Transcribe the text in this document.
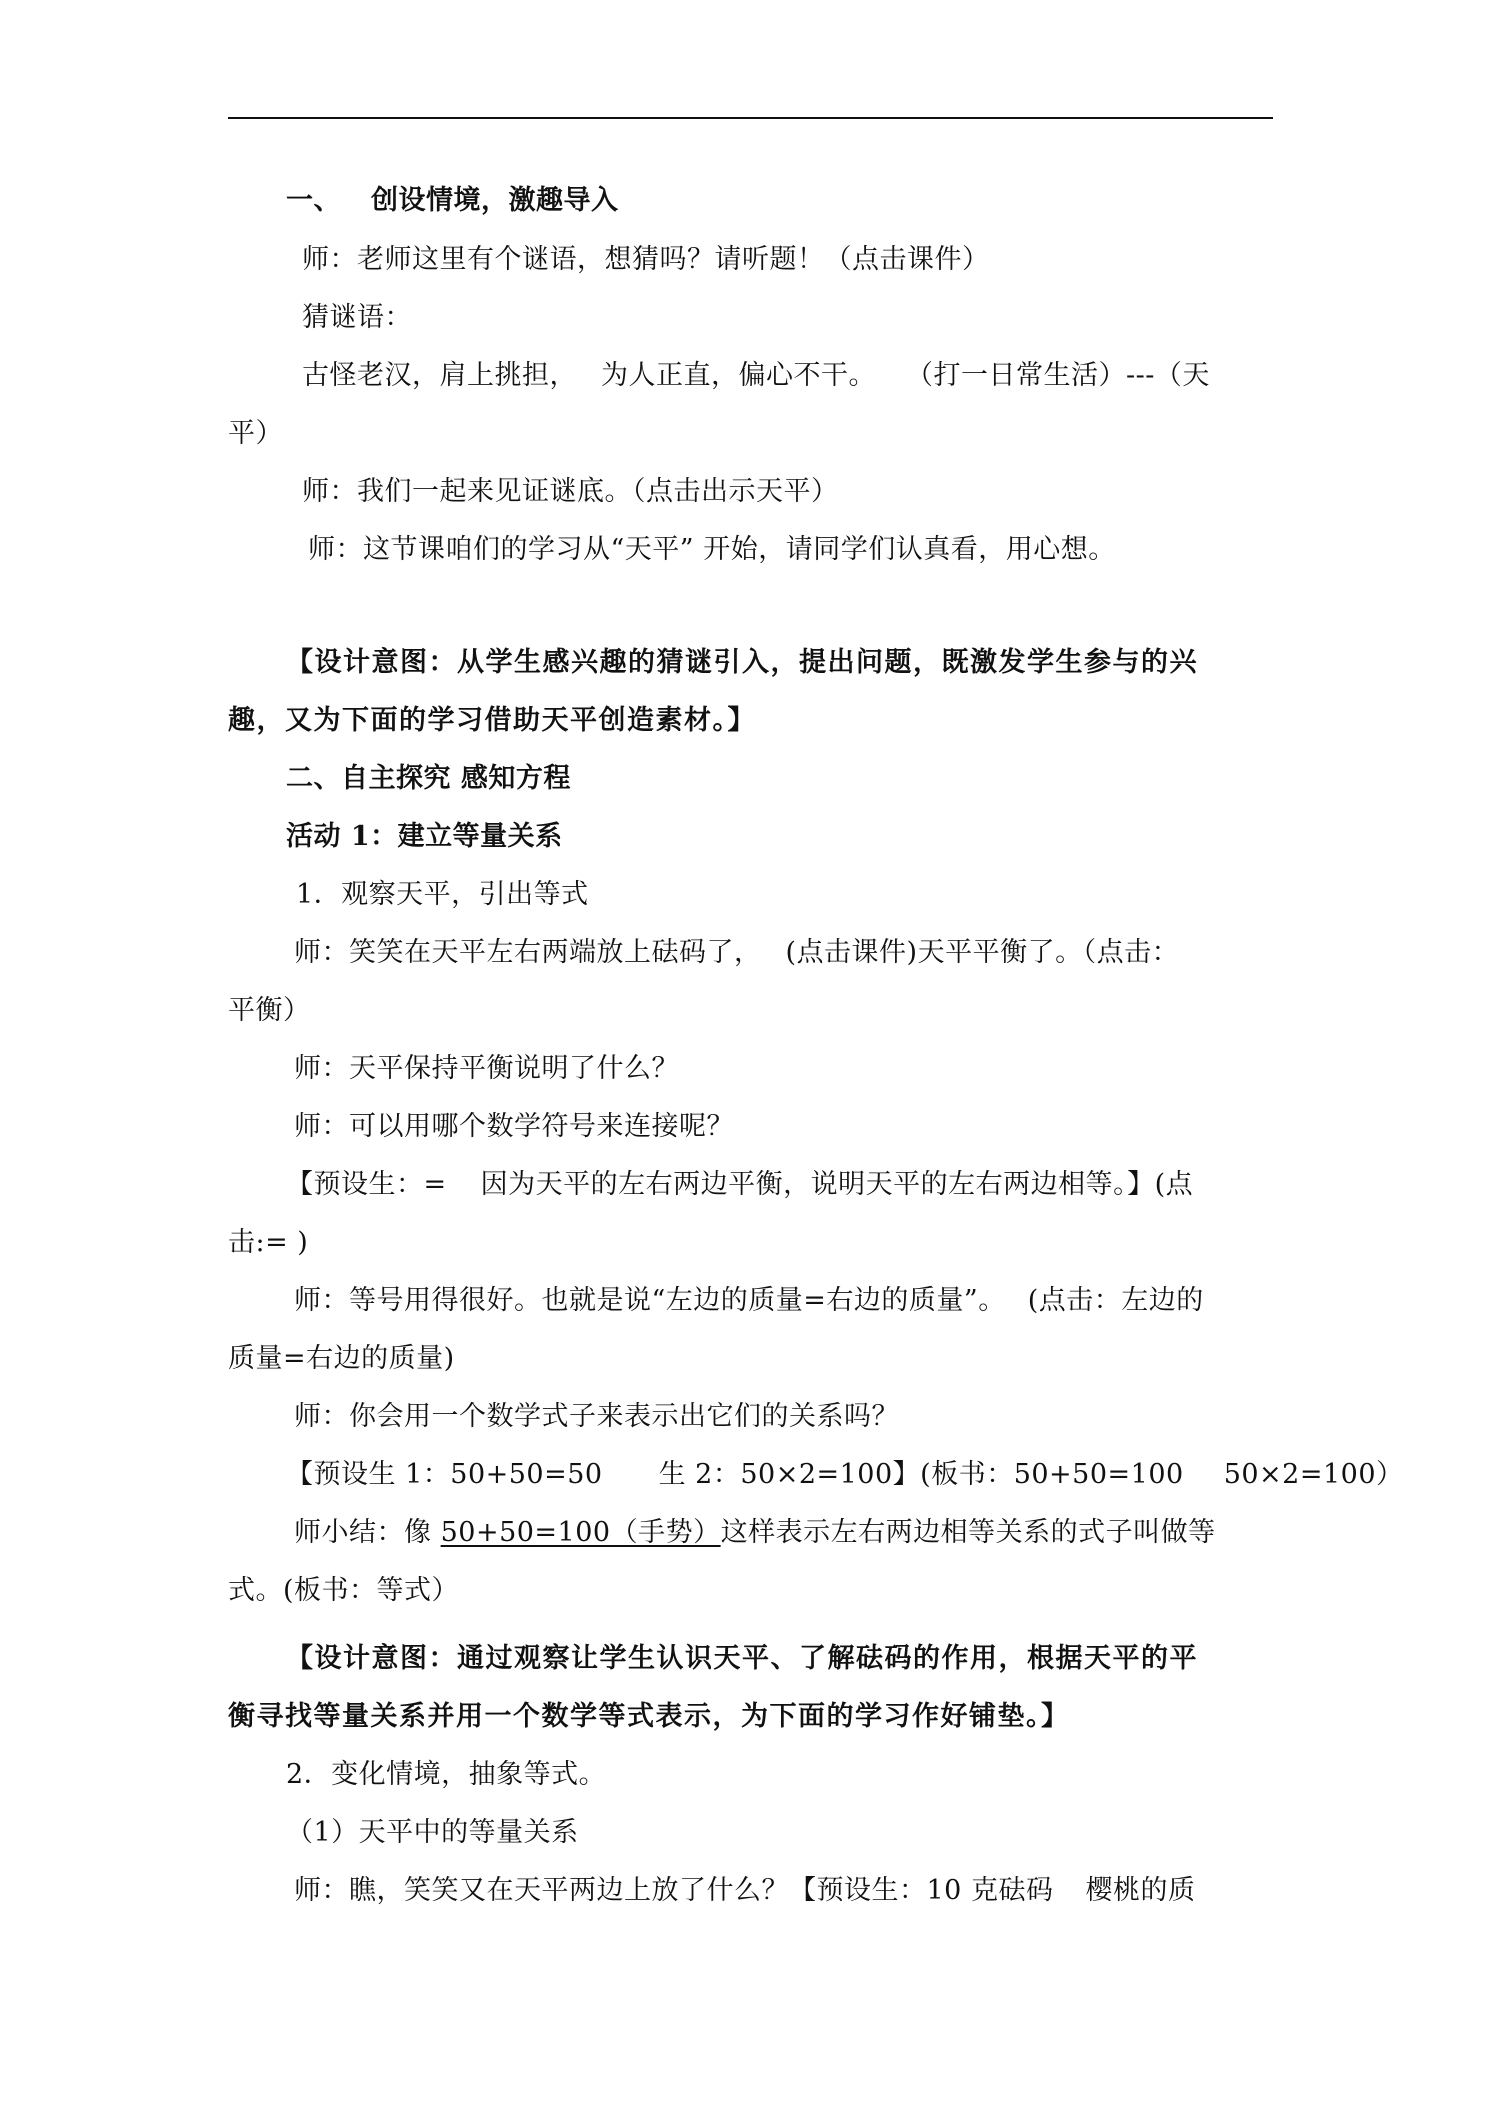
一、 创设情境，激趣导入
师：老师这里有个谜语，想猜吗？请听题！（点击课件）
猜谜语：
古怪老汉，肩上挑担， 为人正直，偏心不干。 （打一日常生活）---（天
平）
师：我们一起来见证谜底。（点击出示天平）
师：这节课咱们的学习从“天平” 开始，请同学们认真看，用心想。
【设计意图：从学生感兴趣的猜谜引入，提出问题，既激发学生参与的兴
趣，又为下面的学习借助天平创造素材。】
二、自主探究 感知方程
活动 1：建立等量关系
1．观察天平，引出等式
师：笑笑在天平左右两端放上砝码了， (点击课件)天平平衡了。（点击：
平衡）
师：天平保持平衡说明了什么？
师：可以用哪个数学符号来连接呢？
【预设生：= 因为天平的左右两边平衡，说明天平的左右两边相等。】(点
击:= )
师：等号用得很好。也就是说“左边的质量=右边的质量”。 (点击：左边的
质量=右边的质量)
师：你会用一个数学式子来表示出它们的关系吗？
【预设生 1：50+50=50 生 2：50×2=100】(板书：50+50=100 50×2=100）
师小结：像 50+50=100（手势）这样表示左右两边相等关系的式子叫做等
式。(板书：等式）
【设计意图：通过观察让学生认识天平、了解砝码的作用，根据天平的平
衡寻找等量关系并用一个数学等式表示，为下面的学习作好铺垫。】
2．变化情境，抽象等式。
（1）天平中的等量关系
师：瞧，笑笑又在天平两边上放了什么？【预设生：10 克砝码 樱桃的质
